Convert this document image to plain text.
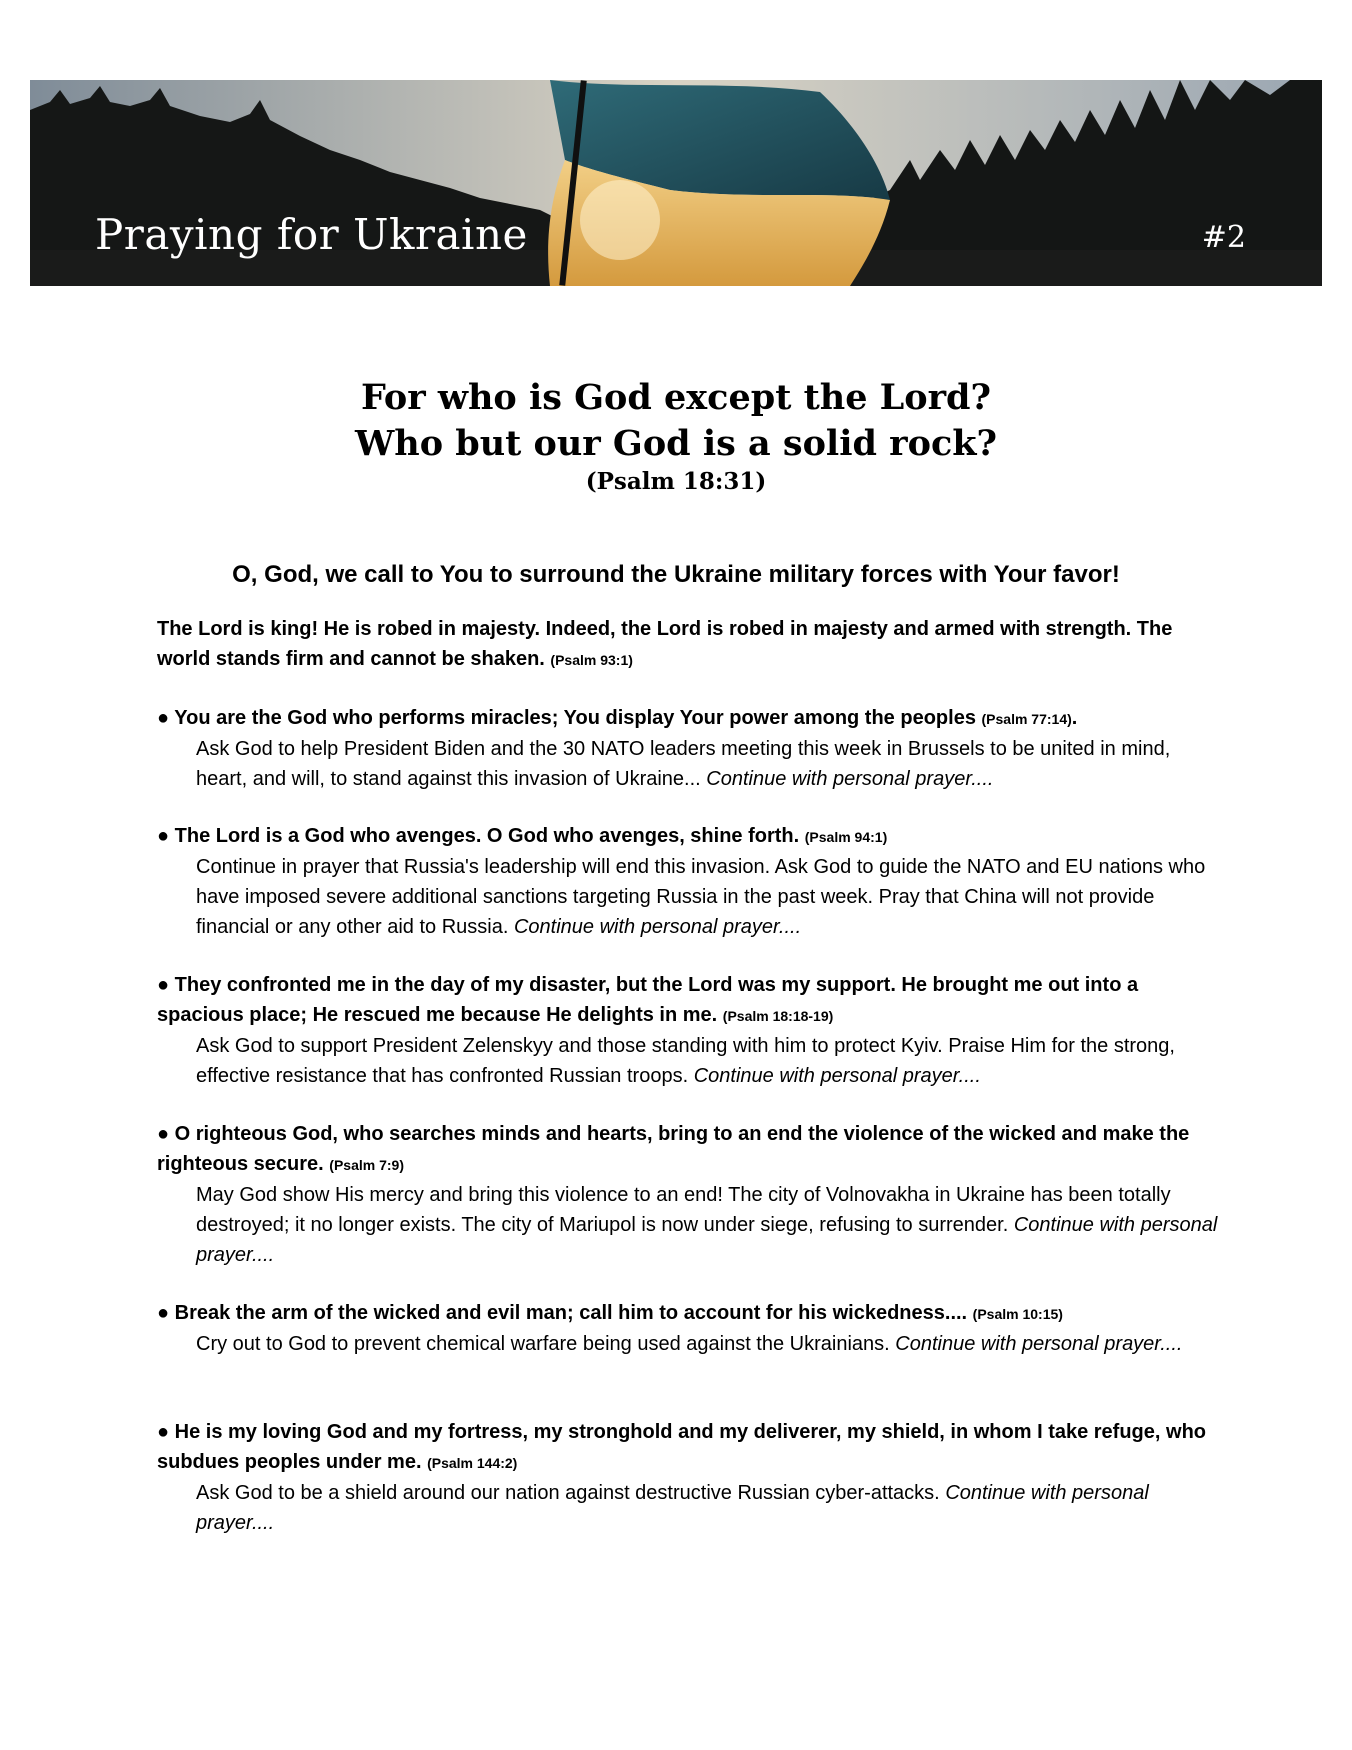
Praying for Ukraine	#2
For who is God except the Lord?
Who but our God is a solid rock?
(Psalm 18:31)
O, God, we call to You to surround the Ukraine military forces with Your favor!
The Lord is king! He is robed in majesty. Indeed, the Lord is robed in majesty and armed with strength. The world stands firm and cannot be shaken. (Psalm 93:1)
● You are the God who performs miracles; You display Your power among the peoples (Psalm 77:14).
Ask God to help President Biden and the 30 NATO leaders meeting this week in Brussels to be united in mind, heart, and will, to stand against this invasion of Ukraine... Continue with personal prayer....
● The Lord is a God who avenges. O God who avenges, shine forth. (Psalm 94:1)
Continue in prayer that Russia's leadership will end this invasion. Ask God to guide the NATO and EU nations who have imposed severe additional sanctions targeting Russia in the past week. Pray that China will not provide financial or any other aid to Russia. Continue with personal prayer....
● They confronted me in the day of my disaster, but the Lord was my support. He brought me out into a spacious place; He rescued me because He delights in me. (Psalm 18:18-19)
Ask God to support President Zelenskyy and those standing with him to protect Kyiv. Praise Him for the strong, effective resistance that has confronted Russian troops. Continue with personal prayer....
● O righteous God, who searches minds and hearts, bring to an end the violence of the wicked and make the righteous secure. (Psalm 7:9)
May God show His mercy and bring this violence to an end! The city of Volnovakha in Ukraine has been totally destroyed; it no longer exists. The city of Mariupol is now under siege, refusing to surrender. Continue with personal prayer....
● Break the arm of the wicked and evil man; call him to account for his wickedness.... (Psalm 10:15)
Cry out to God to prevent chemical warfare being used against the Ukrainians. Continue with personal prayer....
● He is my loving God and my fortress, my stronghold and my deliverer, my shield, in whom I take refuge, who subdues peoples under me. (Psalm 144:2)
Ask God to be a shield around our nation against destructive Russian cyber-attacks. Continue with personal prayer....
